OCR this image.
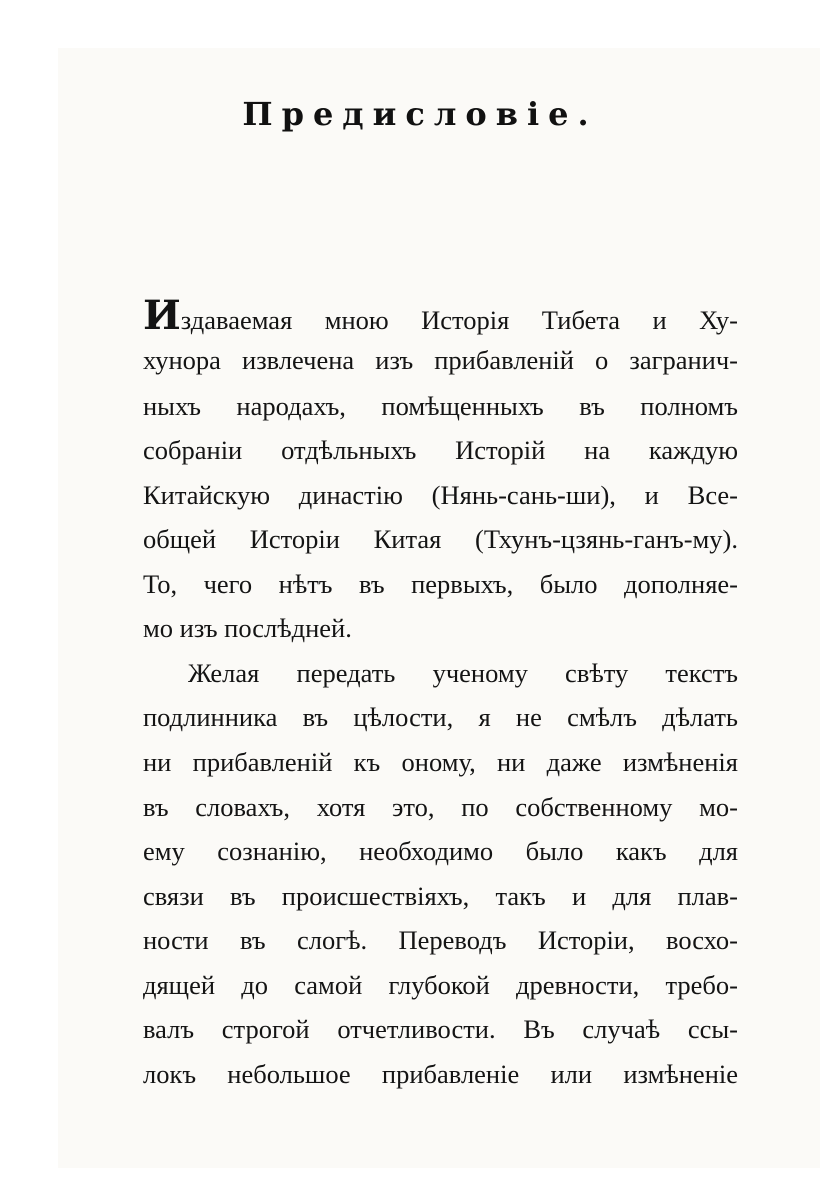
Предисловіе.

Издаваемая мною Исторія Тибета и Ху-

хунора извлечена изъ прибавленій о загранич-

ныхъ народахъ, помѣщенныхъ въ полномъ

собраніи отдѣльныхъ Исторій на каждую

Китайскую династію (Нянь-сань-ши), и Все-

общей Исторіи Китая (Тхунъ-цзянь-ганъ-му).

То, чего нѣтъ въ первыхъ, было дополняе-

мо изъ послѣдней.

Желая передать ученому свѣту текстъ

подлинника въ цѣлости, я не смѣлъ дѣлать

ни прибавленій къ оному, ни даже измѣненія

въ словахъ, хотя это, по собственному мо-

ему сознанію, необходимо было какъ для

связи въ происшествіяхъ, такъ и для плав-

ности въ слогѣ. Переводъ Исторіи, восхо-

дящей до самой глубокой древности, требо-

валъ строгой отчетливости. Въ случаѣ ссы-

локъ небольшое прибавленіе или измѣненіе
